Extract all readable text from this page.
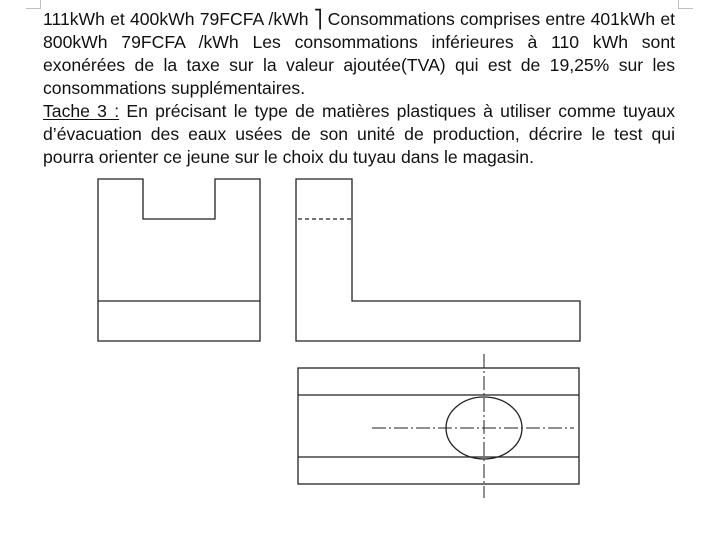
111kWh et 400kWh 79FCFA /kWh ⎤ Consommations comprises entre 401kWh et 800kWh 79FCFA /kWh Les consommations inférieures à 110 kWh sont exonérées de la taxe sur la valeur ajoutée(TVA) qui est de 19,25% sur les consommations supplémentaires.

Tache 3 : En précisant le type de matières plastiques à utiliser comme tuyaux d’évacuation des eaux usées de son unité de production, décrire le test qui pourra orienter ce jeune sur le choix du tuyau dans le magasin.
